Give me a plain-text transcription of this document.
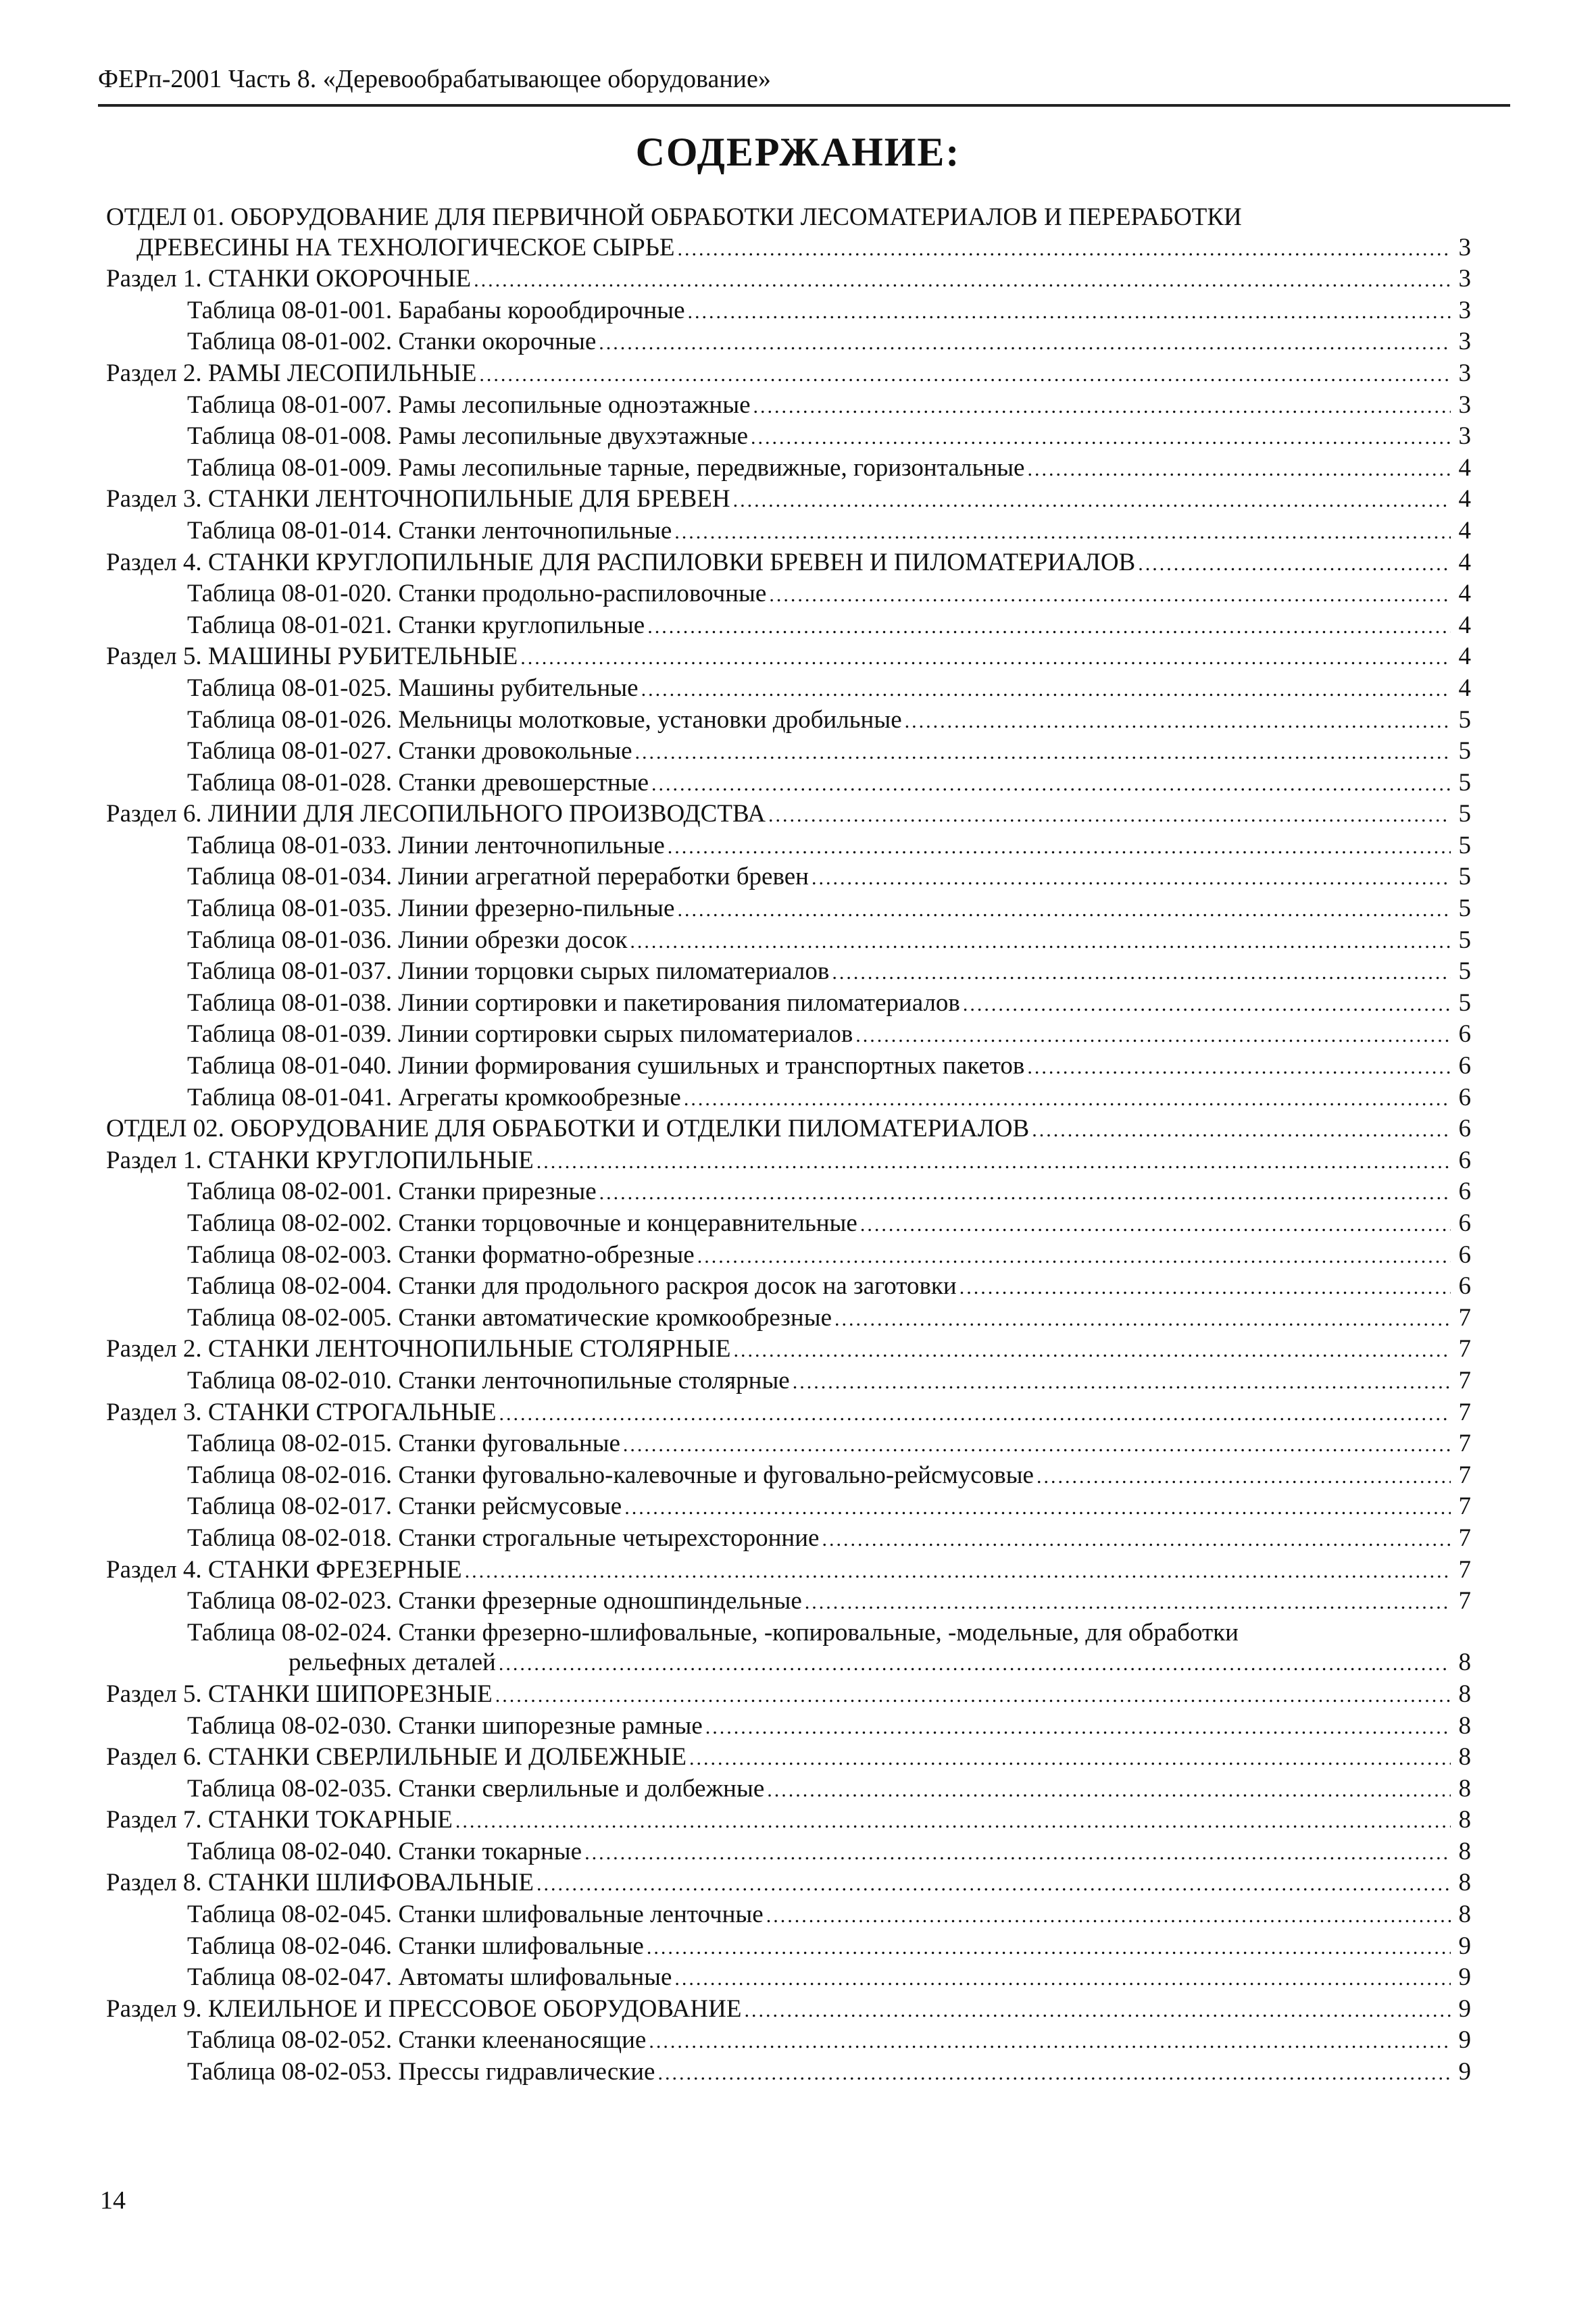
ФЕРп-2001 Часть 8. «Деревообрабатывающее оборудование»
СОДЕРЖАНИЕ:
ОТДЕЛ 01. ОБОРУДОВАНИЕ ДЛЯ ПЕРВИЧНОЙ ОБРАБОТКИ ЛЕСОМАТЕРИАЛОВ И ПЕРЕРАБОТКИ
ДРЕВЕСИНЫ НА ТЕХНОЛОГИЧЕСКОЕ СЫРЬЕ .....	3
Раздел 1. СТАНКИ ОКОРОЧНЫЕ .....	3
Таблица 08-01-001. Барабаны корообдирочные .....	3
Таблица 08-01-002. Станки окорочные .....	3
Раздел 2. РАМЫ ЛЕСОПИЛЬНЫЕ .....	3
Таблица 08-01-007. Рамы лесопильные одноэтажные .....	3
Таблица 08-01-008. Рамы лесопильные двухэтажные .....	3
Таблица 08-01-009. Рамы лесопильные тарные, передвижные, горизонтальные .....	4
Раздел 3. СТАНКИ ЛЕНТОЧНОПИЛЬНЫЕ ДЛЯ БРЕВЕН .....	4
Таблица 08-01-014. Станки ленточнопильные .....	4
Раздел 4. СТАНКИ КРУГЛОПИЛЬНЫЕ ДЛЯ РАСПИЛОВКИ БРЕВЕН И ПИЛОМАТЕРИАЛОВ .....	4
Таблица 08-01-020. Станки продольно-распиловочные .....	4
Таблица 08-01-021. Станки круглопильные .....	4
Раздел 5. МАШИНЫ РУБИТЕЛЬНЫЕ .....	4
Таблица 08-01-025. Машины рубительные .....	4
Таблица 08-01-026. Мельницы молотковые, установки дробильные .....	5
Таблица 08-01-027. Станки дровокольные .....	5
Таблица 08-01-028. Станки древошерстные .....	5
Раздел 6. ЛИНИИ ДЛЯ ЛЕСОПИЛЬНОГО ПРОИЗВОДСТВА .....	5
Таблица 08-01-033. Линии ленточнопильные .....	5
Таблица 08-01-034. Линии агрегатной переработки бревен .....	5
Таблица 08-01-035. Линии фрезерно-пильные .....	5
Таблица 08-01-036. Линии обрезки досок .....	5
Таблица 08-01-037. Линии торцовки сырых пиломатериалов .....	5
Таблица 08-01-038. Линии сортировки и пакетирования пиломатериалов .....	5
Таблица 08-01-039. Линии сортировки сырых пиломатериалов .....	6
Таблица 08-01-040. Линии формирования сушильных и транспортных пакетов .....	6
Таблица 08-01-041. Агрегаты кромкообрезные .....	6
ОТДЕЛ 02. ОБОРУДОВАНИЕ ДЛЯ ОБРАБОТКИ И ОТДЕЛКИ ПИЛОМАТЕРИАЛОВ .....	6
Раздел 1. СТАНКИ КРУГЛОПИЛЬНЫЕ .....	6
Таблица 08-02-001. Станки прирезные .....	6
Таблица 08-02-002. Станки торцовочные и концеравнительные .....	6
Таблица 08-02-003. Станки форматно-обрезные .....	6
Таблица 08-02-004. Станки для продольного раскроя досок на заготовки .....	6
Таблица 08-02-005. Станки автоматические кромкообрезные .....	7
Раздел 2. СТАНКИ ЛЕНТОЧНОПИЛЬНЫЕ СТОЛЯРНЫЕ .....	7
Таблица 08-02-010. Станки ленточнопильные столярные .....	7
Раздел 3. СТАНКИ СТРОГАЛЬНЫЕ .....	7
Таблица 08-02-015. Станки фуговальные .....	7
Таблица 08-02-016. Станки фуговально-калевочные и фуговально-рейсмусовые .....	7
Таблица 08-02-017. Станки рейсмусовые .....	7
Таблица 08-02-018. Станки строгальные четырехсторонние .....	7
Раздел 4. СТАНКИ ФРЕЗЕРНЫЕ .....	7
Таблица 08-02-023. Станки фрезерные одношпиндельные .....	7
Таблица 08-02-024. Станки фрезерно-шлифовальные, -копировальные, -модельные, для обработки
рельефных деталей .....	8
Раздел 5. СТАНКИ ШИПОРЕЗНЫЕ .....	8
Таблица 08-02-030. Станки шипорезные рамные .....	8
Раздел 6. СТАНКИ СВЕРЛИЛЬНЫЕ И ДОЛБЕЖНЫЕ .....	8
Таблица 08-02-035. Станки сверлильные и долбежные .....	8
Раздел 7. СТАНКИ ТОКАРНЫЕ .....	8
Таблица 08-02-040. Станки токарные .....	8
Раздел 8. СТАНКИ ШЛИФОВАЛЬНЫЕ .....	8
Таблица 08-02-045. Станки шлифовальные ленточные .....	8
Таблица 08-02-046. Станки шлифовальные .....	9
Таблица 08-02-047. Автоматы шлифовальные .....	9
Раздел 9. КЛЕИЛЬНОЕ И ПРЕССОВОЕ ОБОРУДОВАНИЕ .....	9
Таблица 08-02-052. Станки клеенаносящие .....	9
Таблица 08-02-053. Прессы гидравлические .....	9
14
